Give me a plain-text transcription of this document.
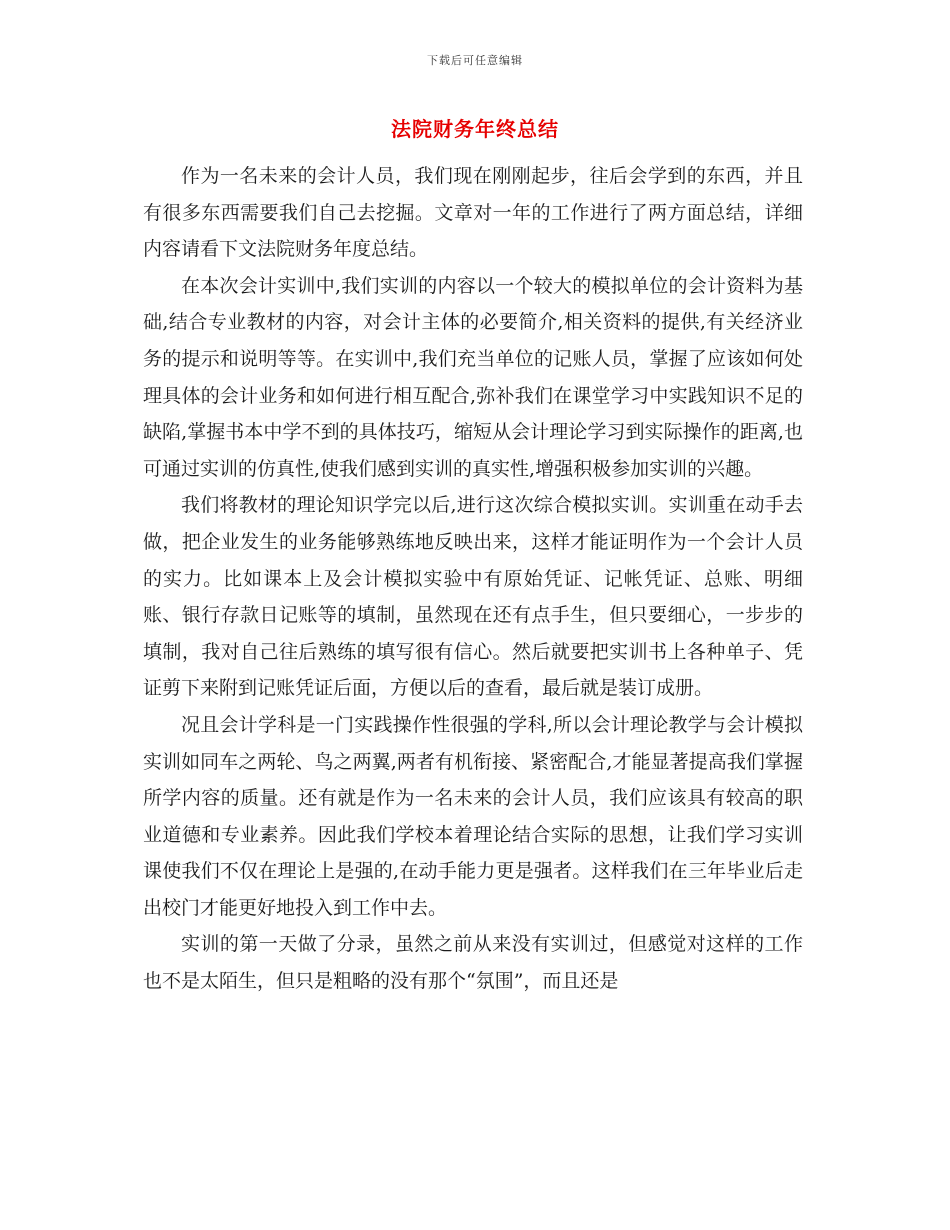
下载后可任意编辑
法院财务年终总结

作为一名未来的会计人员，我们现在刚刚起步，往后会学到的东西，并且有很多东西需要我们自己去挖掘。文章对一年的工作进行了两方面总结，详细内容请看下文法院财务年度总结。

在本次会计实训中,我们实训的内容以一个较大的模拟单位的会计资料为基础,结合专业教材的内容，对会计主体的必要简介,相关资料的提供,有关经济业务的提示和说明等等。在实训中,我们充当单位的记账人员，掌握了应该如何处理具体的会计业务和如何进行相互配合,弥补我们在课堂学习中实践知识不足的缺陷,掌握书本中学不到的具体技巧，缩短从会计理论学习到实际操作的距离,也可通过实训的仿真性,使我们感到实训的真实性,增强积极参加实训的兴趣。

我们将教材的理论知识学完以后,进行这次综合模拟实训。实训重在动手去做，把企业发生的业务能够熟练地反映出来，这样才能证明作为一个会计人员的实力。比如课本上及会计模拟实验中有原始凭证、记帐凭证、总账、明细账、银行存款日记账等的填制，虽然现在还有点手生，但只要细心，一步步的填制，我对自己往后熟练的填写很有信心。然后就要把实训书上各种单子、凭证剪下来附到记账凭证后面，方便以后的查看，最后就是装订成册。

况且会计学科是一门实践操作性很强的学科,所以会计理论教学与会计模拟实训如同车之两轮、鸟之两翼,两者有机衔接、紧密配合,才能显著提高我们掌握所学内容的质量。还有就是作为一名未来的会计人员，我们应该具有较高的职业道德和专业素养。因此我们学校本着理论结合实际的思想，让我们学习实训课使我们不仅在理论上是强的,在动手能力更是强者。这样我们在三年毕业后走出校门才能更好地投入到工作中去。

实训的第一天做了分录，虽然之前从来没有实训过，但感觉对这样的工作也不是太陌生，但只是粗略的没有那个“氛围”，而且还是
